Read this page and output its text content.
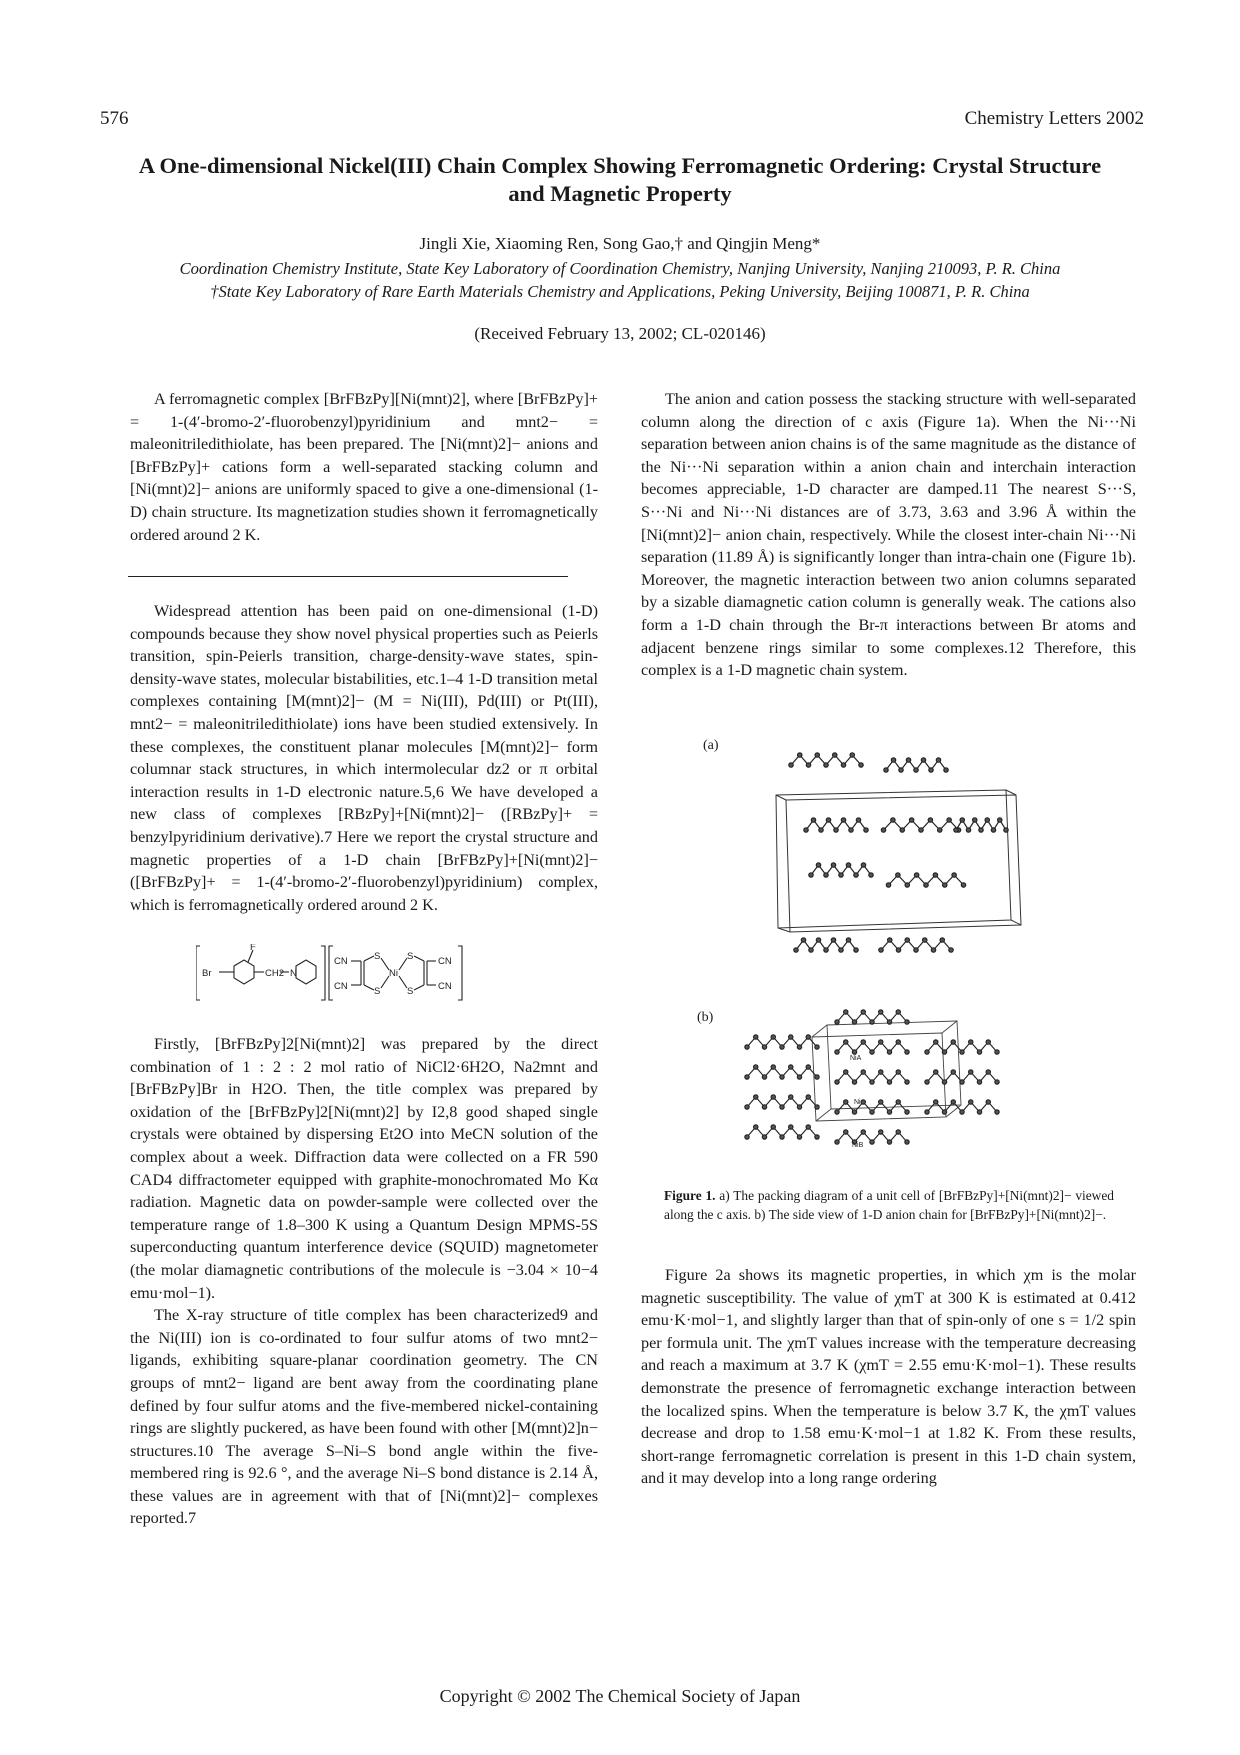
576	Chemistry Letters 2002
A One-dimensional Nickel(III) Chain Complex Showing Ferromagnetic Ordering: Crystal Structure and Magnetic Property
Jingli Xie, Xiaoming Ren, Song Gao,† and Qingjin Meng*
Coordination Chemistry Institute, State Key Laboratory of Coordination Chemistry, Nanjing University, Nanjing 210093, P. R. China
†State Key Laboratory of Rare Earth Materials Chemistry and Applications, Peking University, Beijing 100871, P. R. China
(Received February 13, 2002; CL-020146)

A ferromagnetic complex [BrFBzPy][Ni(mnt)2], where [BrFBzPy]+ = 1-(4′-bromo-2′-fluorobenzyl)pyridinium and mnt2− = maleonitriledithiolate, has been prepared. The [Ni(mnt)2]− anions and [BrFBzPy]+ cations form a well-separated stacking column and [Ni(mnt)2]− anions are uniformly spaced to give a one-dimensional (1-D) chain structure. Its magnetization studies shown it ferromagnetically ordered around 2 K.

Widespread attention has been paid on one-dimensional (1-D) compounds because they show novel physical properties such as Peierls transition, spin-Peierls transition, charge-density-wave states, spin-density-wave states, molecular bistabilities, etc.1–4 1-D transition metal complexes containing [M(mnt)2]− (M = Ni(III), Pd(III) or Pt(III), mnt2− = maleonitriledithiolate) ions have been studied extensively. In these complexes, the constituent planar molecules [M(mnt)2]− form columnar stack structures, in which intermolecular dz2 or π orbital interaction results in 1-D electronic nature.5,6 We have developed a new class of complexes [RBzPy]+[Ni(mnt)2]− ([RBzPy]+ = benzylpyridinium derivative).7 Here we report the crystal structure and magnetic properties of a 1-D chain [BrFBzPy]+[Ni(mnt)2]− ([BrFBzPy]+ = 1-(4′-bromo-2′-fluorobenzyl)pyridinium) complex, which is ferromagnetically ordered around 2 K.

Br
F
CH2 N
CN	S
Ni
S
CN
CN
S
S	CN

Firstly, [BrFBzPy]2[Ni(mnt)2] was prepared by the direct combination of 1 : 2 : 2 mol ratio of NiCl2·6H2O, Na2mnt and [BrFBzPy]Br in H2O. Then, the title complex was prepared by oxidation of the [BrFBzPy]2[Ni(mnt)2] by I2,8 good shaped single crystals were obtained by dispersing Et2O into MeCN solution of the complex about a week. Diffraction data were collected on a FR 590 CAD4 diffractometer equipped with graphite-monochromated Mo Kα radiation. Magnetic data on powder-sample were collected over the temperature range of 1.8–300 K using a Quantum Design MPMS-5S superconducting quantum interference device (SQUID) magnetometer (the molar diamagnetic contributions of the molecule is −3.04 × 10−4 emu·mol−1).

The X-ray structure of title complex has been characterized9 and the Ni(III) ion is co-ordinated to four sulfur atoms of two mnt2− ligands, exhibiting square-planar coordination geometry. The CN groups of mnt2− ligand are bent away from the coordinating plane defined by four sulfur atoms and the five-membered nickel-containing rings are slightly puckered, as have been found with other [M(mnt)2]n− structures.10 The average S–Ni–S bond angle within the five-membered ring is 92.6 °, and the average Ni–S bond distance is 2.14 Å, these values are in agreement with that of [Ni(mnt)2]− complexes reported.7

The anion and cation possess the stacking structure with well-separated column along the direction of c axis (Figure 1a). When the Ni···Ni separation between anion chains is of the same magnitude as the distance of the Ni···Ni separation within a anion chain and interchain interaction becomes appreciable, 1-D character are damped.11 The nearest S···S, S···Ni and Ni···Ni distances are of 3.73, 3.63 and 3.96 Å within the [Ni(mnt)2]− anion chain, respectively. While the closest inter-chain Ni···Ni separation (11.89 Å) is significantly longer than intra-chain one (Figure 1b). Moreover, the magnetic interaction between two anion columns separated by a sizable diamagnetic cation column is generally weak. The cations also form a 1-D chain through the Br-π interactions between Br atoms and adjacent benzene rings similar to some complexes.12 Therefore, this complex is a 1-D magnetic chain system.

(a)
(b)
NiA
Ni
NiB
Figure 1. a) The packing diagram of a unit cell of [BrFBzPy]+[Ni(mnt)2]− viewed along the c axis. b) The side view of 1-D anion chain for [BrFBzPy]+[Ni(mnt)2]−.

Figure 2a shows its magnetic properties, in which χm is the molar magnetic susceptibility. The value of χmT at 300 K is estimated at 0.412 emu·K·mol−1, and slightly larger than that of spin-only of one s = 1/2 spin per formula unit. The χmT values increase with the temperature decreasing and reach a maximum at 3.7 K (χmT = 2.55 emu·K·mol−1). These results demonstrate the presence of ferromagnetic exchange interaction between the localized spins. When the temperature is below 3.7 K, the χmT values decrease and drop to 1.58 emu·K·mol−1 at 1.82 K. From these results, short-range ferromagnetic correlation is present in this 1-D chain system, and it may develop into a long range ordering

Copyright © 2002 The Chemical Society of Japan
